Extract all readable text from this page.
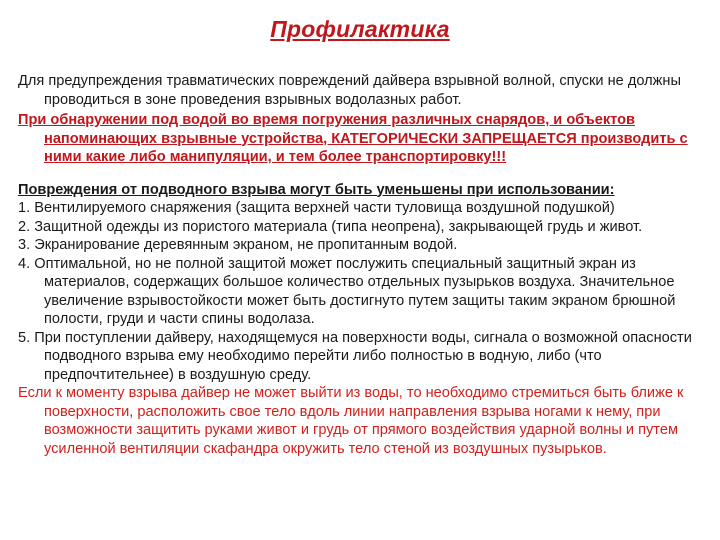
Профилактика

Для предупреждения травматических повреждений дайвера взрывной волной, спуски не должны проводиться в зоне проведения взрывных водолазных работ.

При обнаружении под водой во время погружения различных снарядов, и объектов напоминающих взрывные устройства, КАТЕГОРИЧЕСКИ ЗАПРЕЩАЕТСЯ производить с ними какие либо манипуляции, и тем более транспортировку!!!

Повреждения от подводного взрыва могут быть уменьшены при использовании:

1. Вентилируемого снаряжения (защита верхней части туловища воздушной подушкой)

2. Защитной одежды из пористого материала (типа неопрена), закрывающей грудь и живот.

3. Экранирование деревянным экраном, не пропитанным водой.

4. Оптимальной, но не полной защитой может послужить специальный защитный экран из материалов, содержащих большое количество отдельных пузырьков воздуха. Значительное увеличение взрывостойкости может быть достигнуто путем защиты таким экраном брюшной полости, груди и части спины водолаза.

5. При поступлении дайверу, находящемуся на поверхности воды, сигнала о возможной опасности подводного взрыва ему необходимо перейти либо полностью в водную, либо (что предпочтительнее) в воздушную среду.

Если к моменту взрыва дайвер не может выйти из воды, то необходимо стремиться быть ближе к поверхности, расположить свое тело вдоль линии направления взрыва ногами к нему, при возможности защитить руками живот и грудь от прямого воздействия ударной волны и путем усиленной вентиляции скафандра окружить тело стеной из воздушных пузырьков.
